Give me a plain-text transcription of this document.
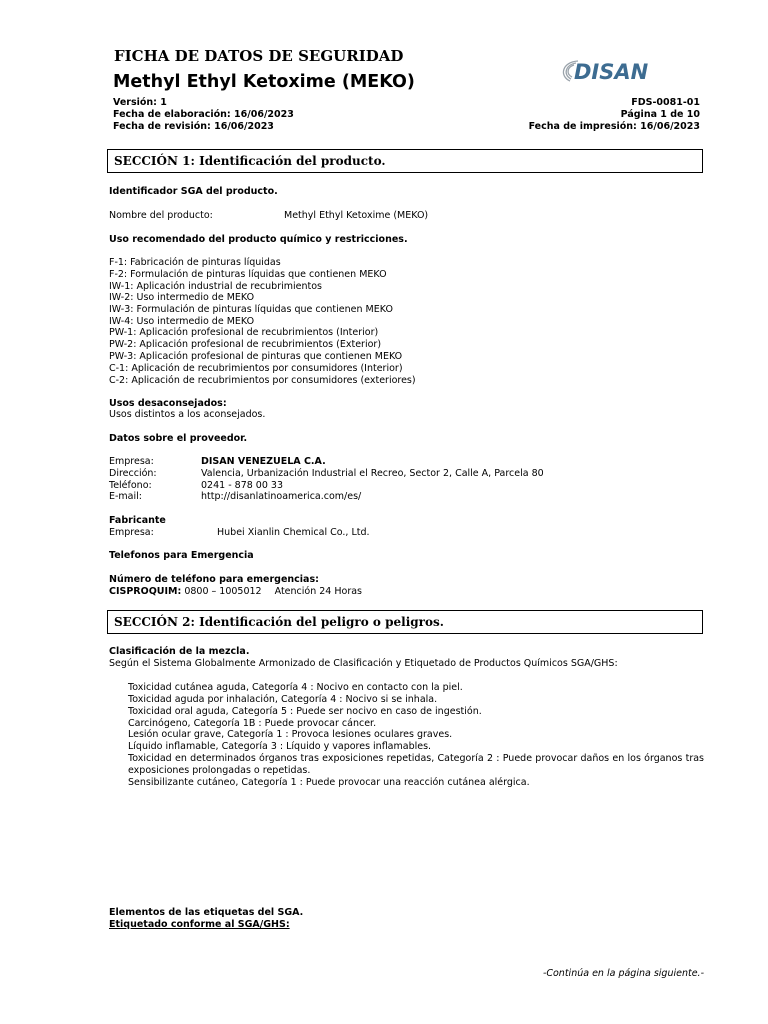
FICHA DE DATOS DE SEGURIDAD
Methyl Ethyl Ketoxime (MEKO)	DISAN
Versión: 1	FDS-0081-01
Fecha de elaboración: 16/06/2023	Página 1 de 10
Fecha de revisión: 16/06/2023	Fecha de impresión: 16/06/2023
SECCIÓN 1: Identificación del producto.
Identificador SGA del producto.
Nombre del producto:	Methyl Ethyl Ketoxime (MEKO)
Uso recomendado del producto químico y restricciones.
F-1: Fabricación de pinturas líquidas
F-2: Formulación de pinturas líquidas que contienen MEKO
IW-1: Aplicación industrial de recubrimientos
IW-2: Uso intermedio de MEKO
IW-3: Formulación de pinturas líquidas que contienen MEKO
IW-4: Uso intermedio de MEKO
PW-1: Aplicación profesional de recubrimientos (Interior)
PW-2: Aplicación profesional de recubrimientos (Exterior)
PW-3: Aplicación profesional de pinturas que contienen MEKO
C-1: Aplicación de recubrimientos por consumidores (Interior)
C-2: Aplicación de recubrimientos por consumidores (exteriores)
Usos desaconsejados:
Usos distintos a los aconsejados.
Datos sobre el proveedor.
Empresa:	DISAN VENEZUELA C.A.
Dirección:	Valencia, Urbanización Industrial el Recreo, Sector 2, Calle A, Parcela 80
Teléfono:	0241 - 878 00 33
E-mail:	http://disanlatinoamerica.com/es/
Fabricante
Empresa:	Hubei Xianlin Chemical Co., Ltd.
Telefonos para Emergencia
Número de teléfono para emergencias:
CISPROQUIM: 0800 – 1005012 Atención 24 Horas
SECCIÓN 2: Identificación del peligro o peligros.
Clasificación de la mezcla.
Según el Sistema Globalmente Armonizado de Clasificación y Etiquetado de Productos Químicos SGA/GHS:
Toxicidad cutánea aguda, Categoría 4 : Nocivo en contacto con la piel.
Toxicidad aguda por inhalación, Categoría 4 : Nocivo si se inhala.
Toxicidad oral aguda, Categoría 5 : Puede ser nocivo en caso de ingestión.
Carcinógeno, Categoría 1B : Puede provocar cáncer.
Lesión ocular grave, Categoría 1 : Provoca lesiones oculares graves.
Líquido inflamable, Categoría 3 : Líquido y vapores inflamables.
Toxicidad en determinados órganos tras exposiciones repetidas, Categoría 2 : Puede provocar daños en los órganos tras exposiciones prolongadas o repetidas.
Sensibilizante cutáneo, Categoría 1 : Puede provocar una reacción cutánea alérgica.
Elementos de las etiquetas del SGA.
Etiquetado conforme al SGA/GHS:
-Continúa en la página siguiente.-
